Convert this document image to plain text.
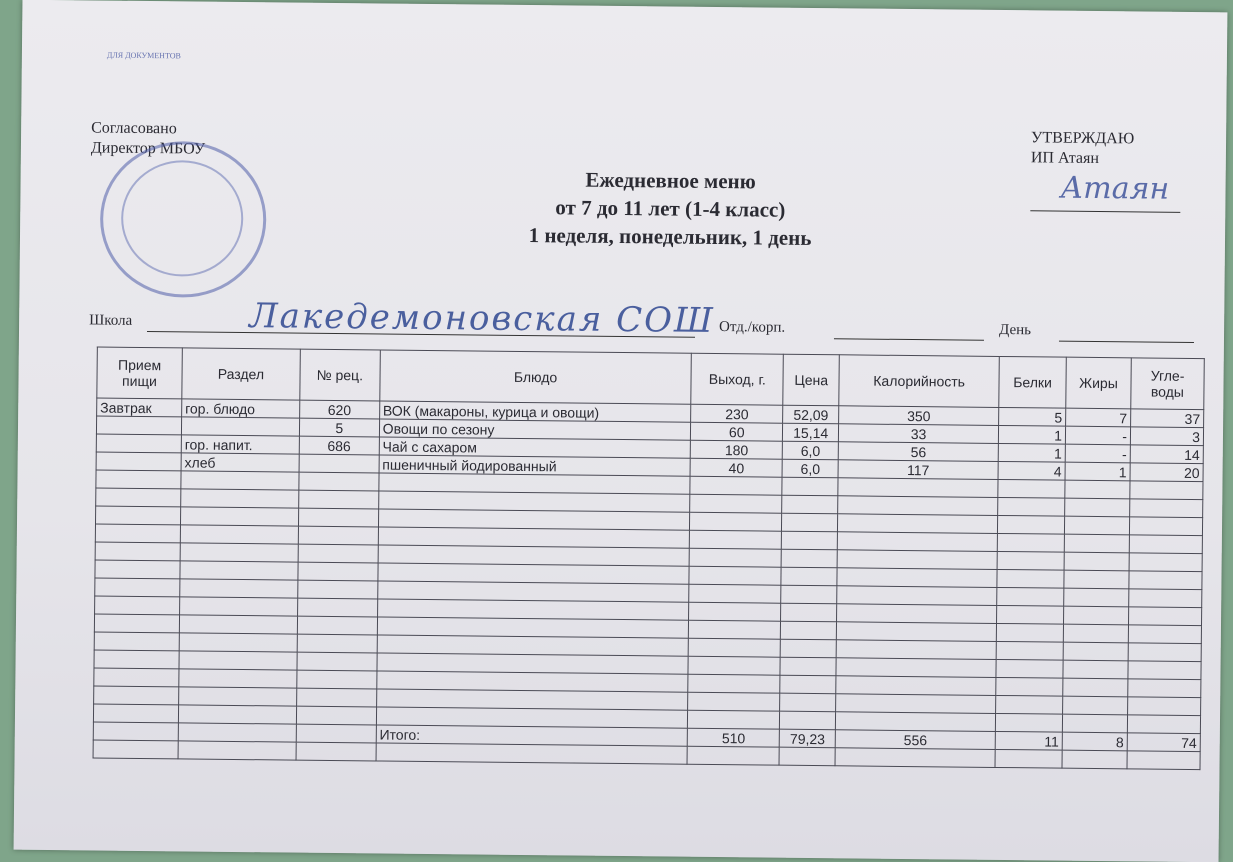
Согласовано
Директор МБОУ
ДЛЯ ДОКУМЕНТОВ
УТВЕРЖДАЮ
ИП Атаян
Атаян
Ежедневное меню
от 7 до 11 лет (1-4 класс)
1 неделя, понедельник, 1 день
Школа	Лакедемоновская СОШ Отд./корп.	День
Прием пищи	Раздел	№ рец.	Блюдо	Выход, г.	Цена	Калорийность	Белки	Жиры	Угле-воды
Завтрак	гор. блюдо	620	ВОК (макароны, курица и овощи)	230	52,09	350	5	7	37
		5	Овощи по сезону	60	15,14	33	1	-	3
	гор. напит.	686	Чай с сахаром	180	6,0	56	1	-	14
	хлеб		пшеничный йодированный	40	6,0	117	4	1	20

			Итого:	510	79,23	556	11	8	74
